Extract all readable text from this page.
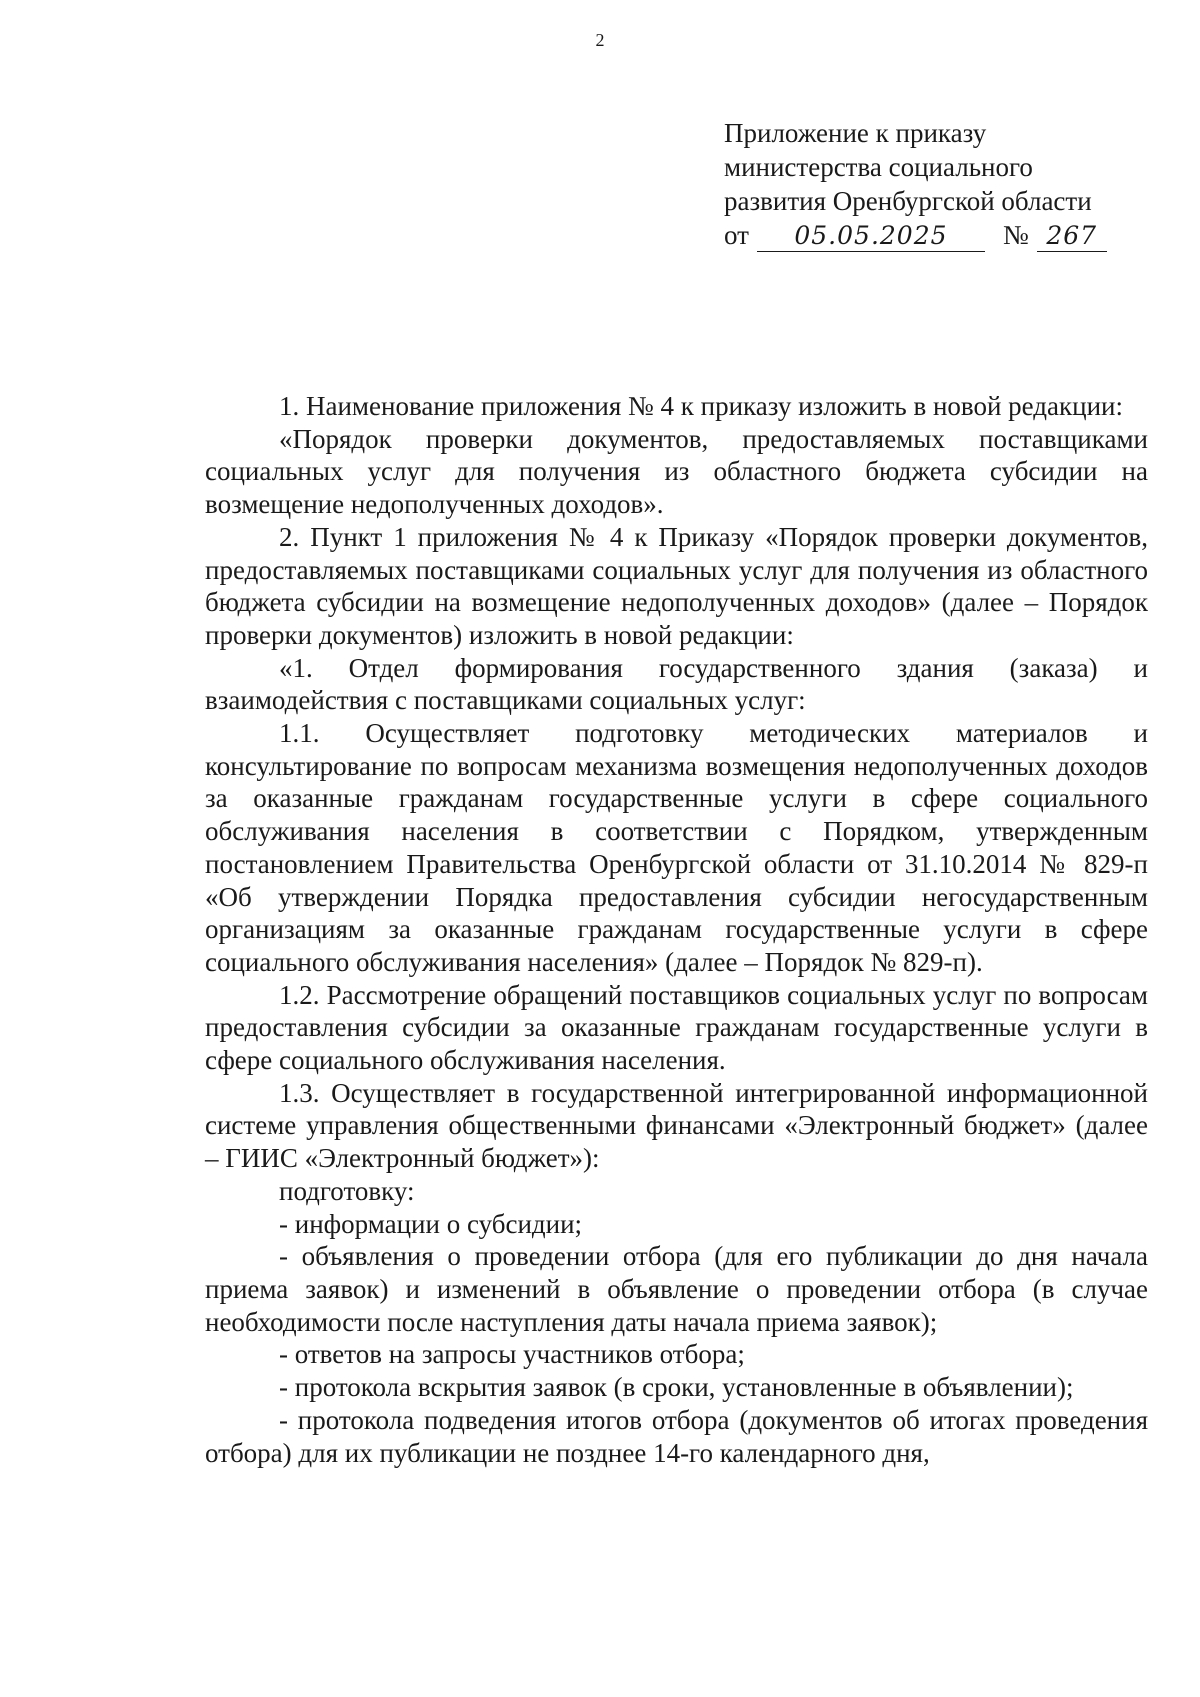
2
Приложение к приказу
министерства социального
развития Оренбургской области
от	05.05.2025	№ 267

1. Наименование приложения № 4 к приказу изложить в новой редакции:

«Порядок проверки документов, предоставляемых поставщиками социальных услуг для получения из областного бюджета субсидии на возмещение недополученных доходов».

2. Пункт 1 приложения № 4 к Приказу «Порядок проверки документов, предоставляемых поставщиками социальных услуг для получения из областного бюджета субсидии на возмещение недополученных доходов» (далее – Порядок проверки документов) изложить в новой редакции:

«1. Отдел формирования государственного здания (заказа) и взаимодействия с поставщиками социальных услуг:

1.1. Осуществляет подготовку методических материалов и консультирование по вопросам механизма возмещения недополученных доходов за оказанные гражданам государственные услуги в сфере социального обслуживания населения в соответствии с Порядком, утвержденным постановлением Правительства Оренбургской области от 31.10.2014 № 829-п «Об утверждении Порядка предоставления субсидии негосударственным организациям за оказанные гражданам государственные услуги в сфере социального обслуживания населения» (далее – Порядок № 829-п).

1.2. Рассмотрение обращений поставщиков социальных услуг по вопросам предоставления субсидии за оказанные гражданам государственные услуги в сфере социального обслуживания населения.

1.3. Осуществляет в государственной интегрированной информационной системе управления общественными финансами «Электронный бюджет» (далее – ГИИС «Электронный бюджет»):

подготовку:

- информации о субсидии;

- объявления о проведении отбора (для его публикации до дня начала приема заявок) и изменений в объявление о проведении отбора (в случае необходимости после наступления даты начала приема заявок);

- ответов на запросы участников отбора;

- протокола вскрытия заявок (в сроки, установленные в объявлении);

- протокола подведения итогов отбора (документов об итогах проведения отбора) для их публикации не позднее 14-го календарного дня,
